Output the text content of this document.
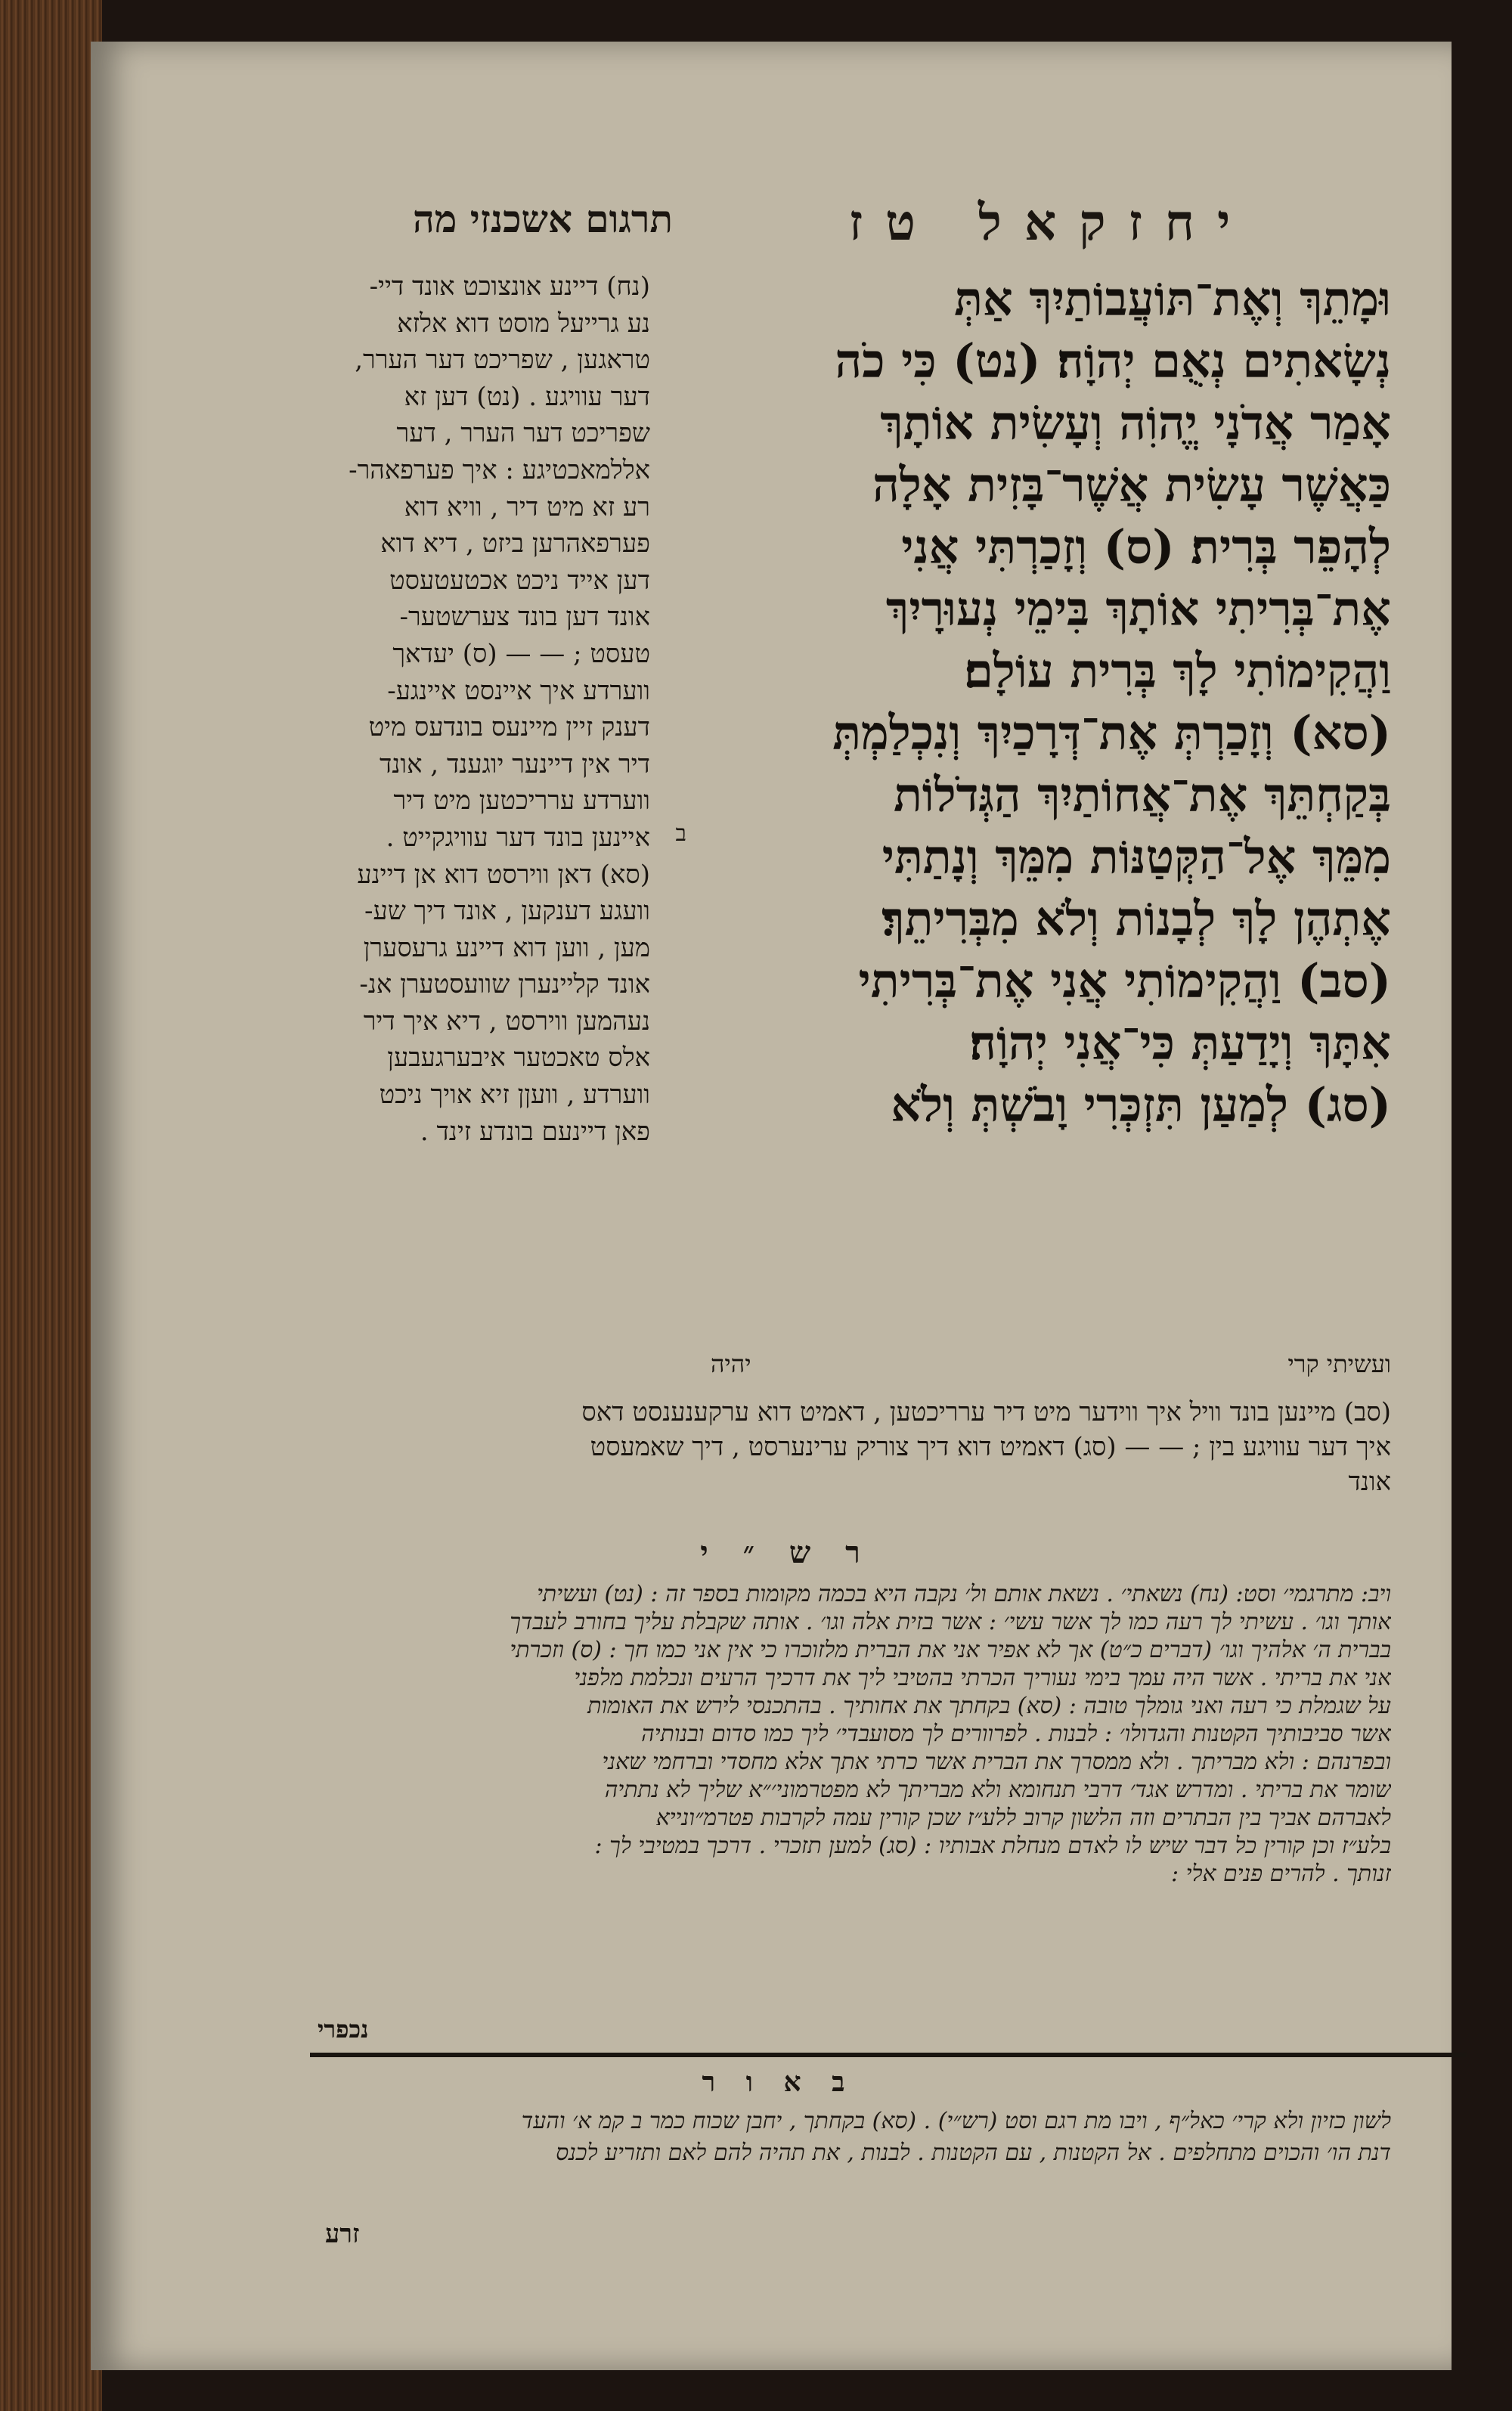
יחזקאל טז
תרגום אשכנזי מה
וּמָתֵךְ וְאֶת־תּוֹעֲבוֹתַיִךְ אַתְּ
נְשָׂאתִים נְאֻם יְהוָֹה׃ (נט) כִּי כֹה
אָמַר אֲדֹנָי יֱהוִֹה וְעָשִׂית אוֹתָךְ
כַּאֲשֶׁר עָשִׂית אֲשֶׁר־בָּזִית אָלָה
לְהָפֵר בְּרִית׃ (ס) וְזָכַרְתִּי אֲנִי
אֶת־בְּרִיתִי אוֹתָךְ בִּימֵי נְעוּרָיִךְ
וַהֲקִימוֹתִי לָךְ בְּרִית עוֹלָם׃
(סא) וְזָכַרְתְּ אֶת־דְּרָכַיִךְ וְנִכְלַמְתְּ
בְּקַחְתֵּךְ אֶת־אֲחוֹתַיִךְ הַגְּדֹלוֹת
מִמֵּךְ אֶל־הַקְּטַנּוֹת מִמֵּךְ וְנָתַתִּי
אֶתְהֶן לָךְ לְבָנוֹת וְלֹא מִבְּרִיתֵךְ׃
(סב) וַהֲקִימוֹתִי אֲנִי אֶת־בְּרִיתִי
אִתָּךְ וְיָדַעַתְּ כִּי־אֲנִי יְהוָֹה׃
(סג) לְמַעַן תִּזְכְּרִי וָבֹשְׁתְּ וְלֹא
ב
ועשיתי קרי
יהיה
(נח) דיינע אונצוכט אונד דיי-
נע גרייעל מוסט דוא אלזא
טראגען , שפריכט דער הערר,
דער עוויגע . (נט) דען זא
שפריכט דער הערר , דער
אללמאכטיגע : איך פערפאהר-
רע זא מיט דיר , וויא דוא
פערפאהרען ביזט , דיא דוא
דען אייד ניכט אכטעטעסט
אונד דען בונד צערשטער-
טעסט ; — — (ס) יעדאך
ווערדע איך איינסט איינגע-
דענק זיין מיינעס בונדעס מיט
דיר אין דיינער יוגענד , אונד
ווערדע ערריכטען מיט דיר
איינען בונד דער עוויגקייט .
(סא) דאן ווירסט דוא אן דיינע
וועגע דענקען , אונד דיך שע-
מען , ווען דוא דיינע גרעסערן
אונד קליינערן שוועסטערן אנ-
נעהמען ווירסט , דיא איך דיר
אלס טאכטער איבערגעבען
ווערדע , וועןן זיא אויך ניכט
פאן דיינעם בונדע זינד .
(סב) מיינען בונד וויל איך ווידער מיט דיר ערריכטען , דאמיט דוא ערקענענסט דאס
איך דער עוויגע בין ; — — (סג) דאמיט דוא דיך צוריק ערינערסט , דיך שאמעסט
אונד
ר ש ״ י
ויב: מתרגמי׳ וסט: (נח) נשאתי׳ . נשאת אותם ול׳ נקבה היא בכמה מקומות בספר זה : (נט) ועשיתי
אותך וגו׳ . עשיתי לך רעה כמו לך אשר עשי׳ : אשר בזית אלה וגו׳ . אותה שקבלת עליך בחורב לעבדך
בברית ה׳ אלהיך וגו׳ (דברים כ״ט) אך לא אפיר אני את הברית מלזוכרו כי אין אני כמו חך : (ס) וזכרתי
אני את בריתי . אשר היה עמך בימי נעוריך הכרתי בהטיבי ליך את דרכיך הרעים ונכלמת מלפני
על שגמלת כי רעה ואני גומלך טובה : (סא) בקחתך את אחותיך . בהתכנסי לירש את האומות
אשר סביבותיך הקטנות והגדולו׳ : לבנות . לפרוורים לך מסועבדי׳ ליך כמו סדום ובנותיה
ובפרנהם : ולא מבריתך . ולא ממסרך את הברית אשר כרתי אתך אלא מחסדי וברחמי שאני
שומר את בריתי . ומדרש אגד׳ דרבי תנחומא ולא מבריתך לא מפטרמוני׳״א שליך לא נתתיה
לאברהם אביך בין הבתרים וזה הלשון קרוב ללע״ז שכן קורין עמה לקרבות פטרמ״ונייא
בלע״ז וכן קורין כל דבר שיש לו לאדם מנחלת אבותיו : (סג) למען תזכרי . דרכך במטיבי לך :
זנותך . להרים פנים אלי :
נכפרי
ב א ו ר
לשון כזיון ולא קרי׳ כאל״ף , ויבו מת רגם וסט (רש״י) . (סא) בקחתך , יחבן שכוח כמר ב קמ א׳ והעד
דנת הו׳ והכוים מתחלפים . אל הקטנות , עם הקטנות . לבנות , את תהיה להם לאם ותזריע לכנס
זרע
